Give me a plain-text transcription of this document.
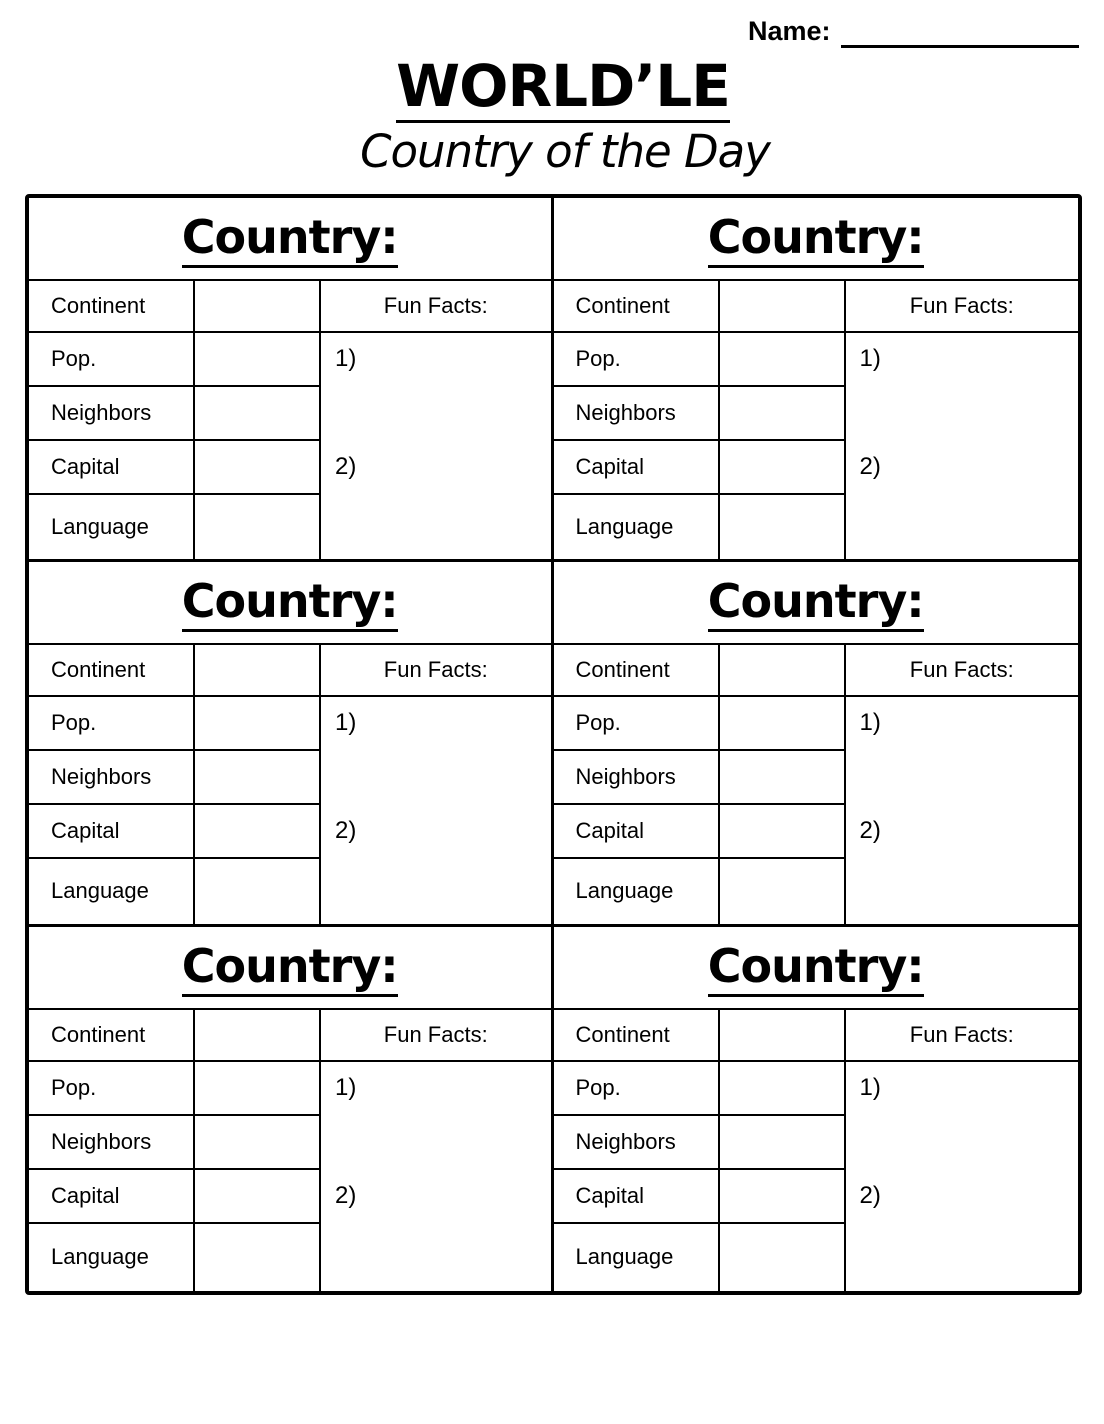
Name:
WORLD’LE
Country of the Day
Country:
Continent
Pop.
Neighbors
Capital
Language
Fun Facts:
1)
2)
Country:
Continent
Pop.
Neighbors
Capital
Language
Fun Facts:
1)
2)
Country:
Continent
Pop.
Neighbors
Capital
Language
Fun Facts:
1)
2)
Country:
Continent
Pop.
Neighbors
Capital
Language
Fun Facts:
1)
2)
Country:
Continent
Pop.
Neighbors
Capital
Language
Fun Facts:
1)
2)
Country:
Continent
Pop.
Neighbors
Capital
Language
Fun Facts:
1)
2)
